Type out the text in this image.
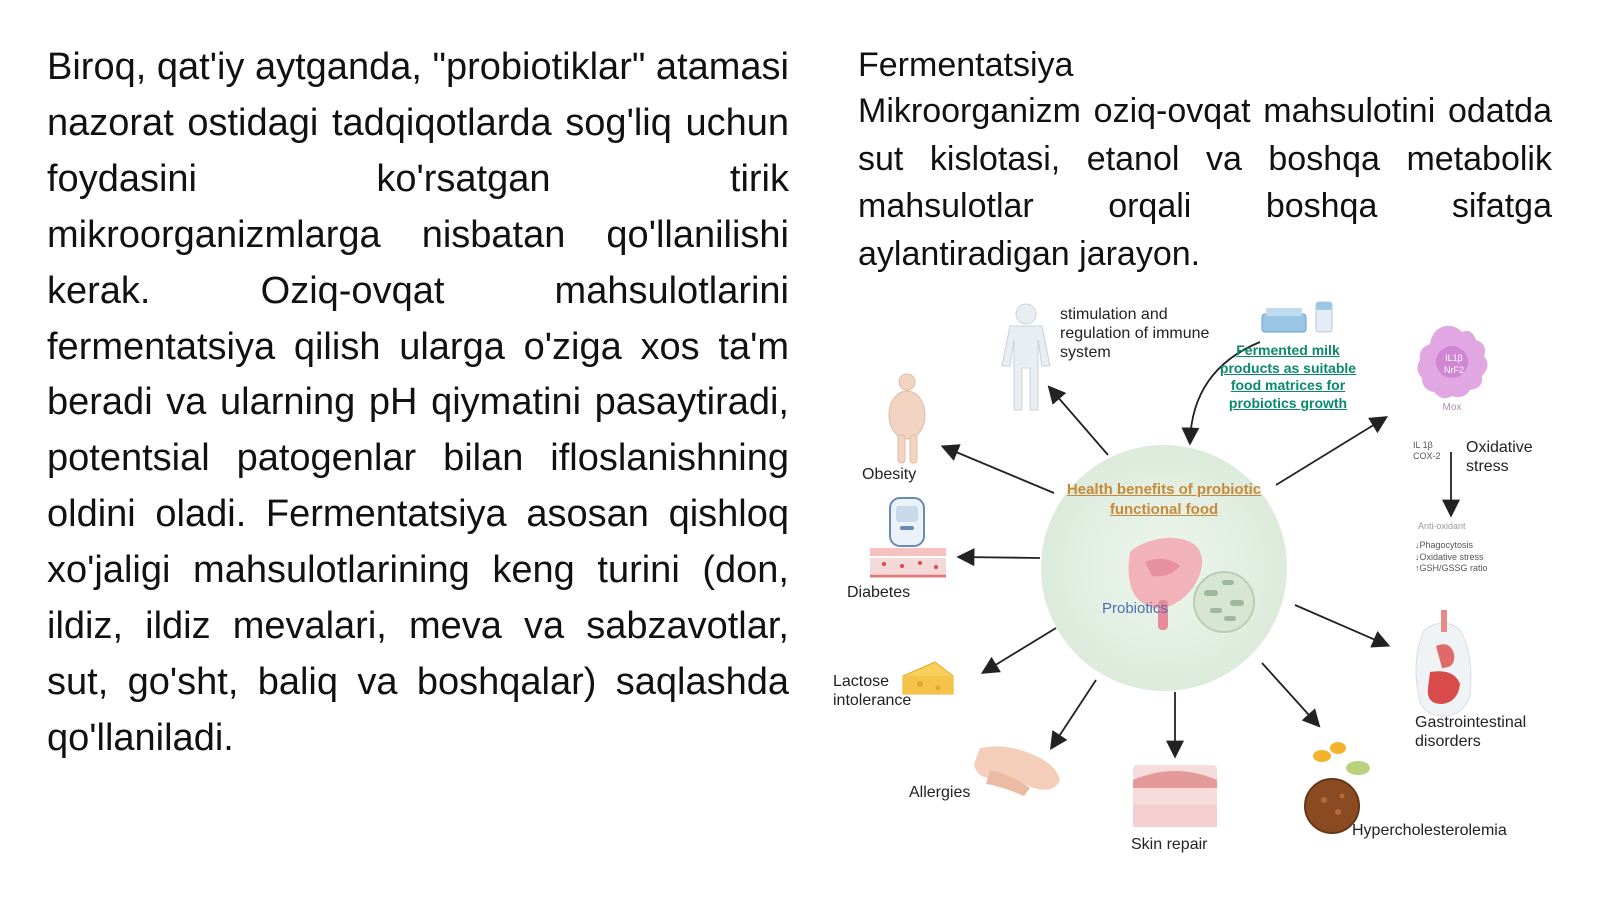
Biroq, qat'iy aytganda, "probiotiklar" atamasi nazorat ostidagi tadqiqotlarda sog'liq uchun foydasini ko'rsatgan tirik mikroorganizmlarga nisbatan qo'llanilishi kerak. Oziq-ovqat mahsulotlarini fermentatsiya qilish ularga o'ziga xos ta'm beradi va ularning pH qiymatini pasaytiradi, potentsial patogenlar bilan ifloslanishning oldini oladi. Fermentatsiya asosan qishloq xo'jaligi mahsulotlarining keng turini (don, ildiz, ildiz mevalari, meva va sabzavotlar, sut, go'sht, baliq va boshqalar) saqlashda qo'llaniladi.

Fermentatsiya

Mikroorganizm oziq-ovqat mahsulotini odatda sut kislotasi, etanol va boshqa metabolik mahsulotlar orqali boshqa sifatga aylantiradigan jarayon.

stimulation and regulation of immune system	Fermented milk products as suitable food matrices for probiotics growth
IL1β NrF2
Mox
IL 1β COX-2 Oxidative stress
Anti-oxidant
↓Phagocytosis ↓Oxidative stress ↑GSH/GSSG ratio
Health benefits of probiotic functional food
Probiotics
Obesity
Diabetes
Lactose intolerance
Allergies
Skin repair
Hypercholesterolemia
Gastrointestinal disorders
